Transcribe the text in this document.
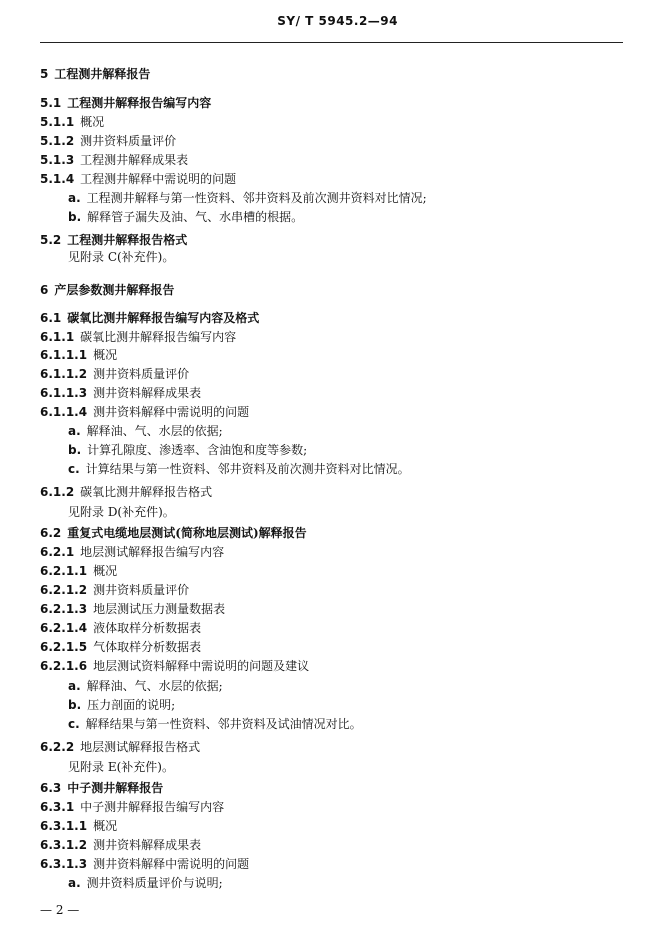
SY/ T 5945.2—94
5 工程测井解释报告
5.1 工程测井解释报告编写内容
5.1.1 概况
5.1.2 测井资料质量评价
5.1.3 工程测井解释成果表
5.1.4 工程测井解释中需说明的问题
a. 工程测井解释与第一性资料、邻井资料及前次测井资料对比情况;
b. 解释管子漏失及油、气、水串槽的根据。
5.2 工程测井解释报告格式
见附录 C(补充件)。
6 产层参数测井解释报告
6.1 碳氧比测井解释报告编写内容及格式
6.1.1 碳氧比测井解释报告编写内容
6.1.1.1 概况
6.1.1.2 测井资料质量评价
6.1.1.3 测井资料解释成果表
6.1.1.4 测井资料解释中需说明的问题
a. 解释油、气、水层的依据;
b. 计算孔隙度、渗透率、含油饱和度等参数;
c. 计算结果与第一性资料、邻井资料及前次测井资料对比情况。
6.1.2 碳氧比测井解释报告格式
见附录 D(补充件)。
6.2 重复式电缆地层测试(简称地层测试)解释报告
6.2.1 地层测试解释报告编写内容
6.2.1.1 概况
6.2.1.2 测井资料质量评价
6.2.1.3 地层测试压力测量数据表
6.2.1.4 液体取样分析数据表
6.2.1.5 气体取样分析数据表
6.2.1.6 地层测试资料解释中需说明的问题及建议
a. 解释油、气、水层的依据;
b. 压力剖面的说明;
c. 解释结果与第一性资料、邻井资料及试油情况对比。
6.2.2 地层测试解释报告格式
见附录 E(补充件)。
6.3 中子测井解释报告
6.3.1 中子测井解释报告编写内容
6.3.1.1 概况
6.3.1.2 测井资料解释成果表
6.3.1.3 测井资料解释中需说明的问题
a. 测井资料质量评价与说明;
— 2 —
